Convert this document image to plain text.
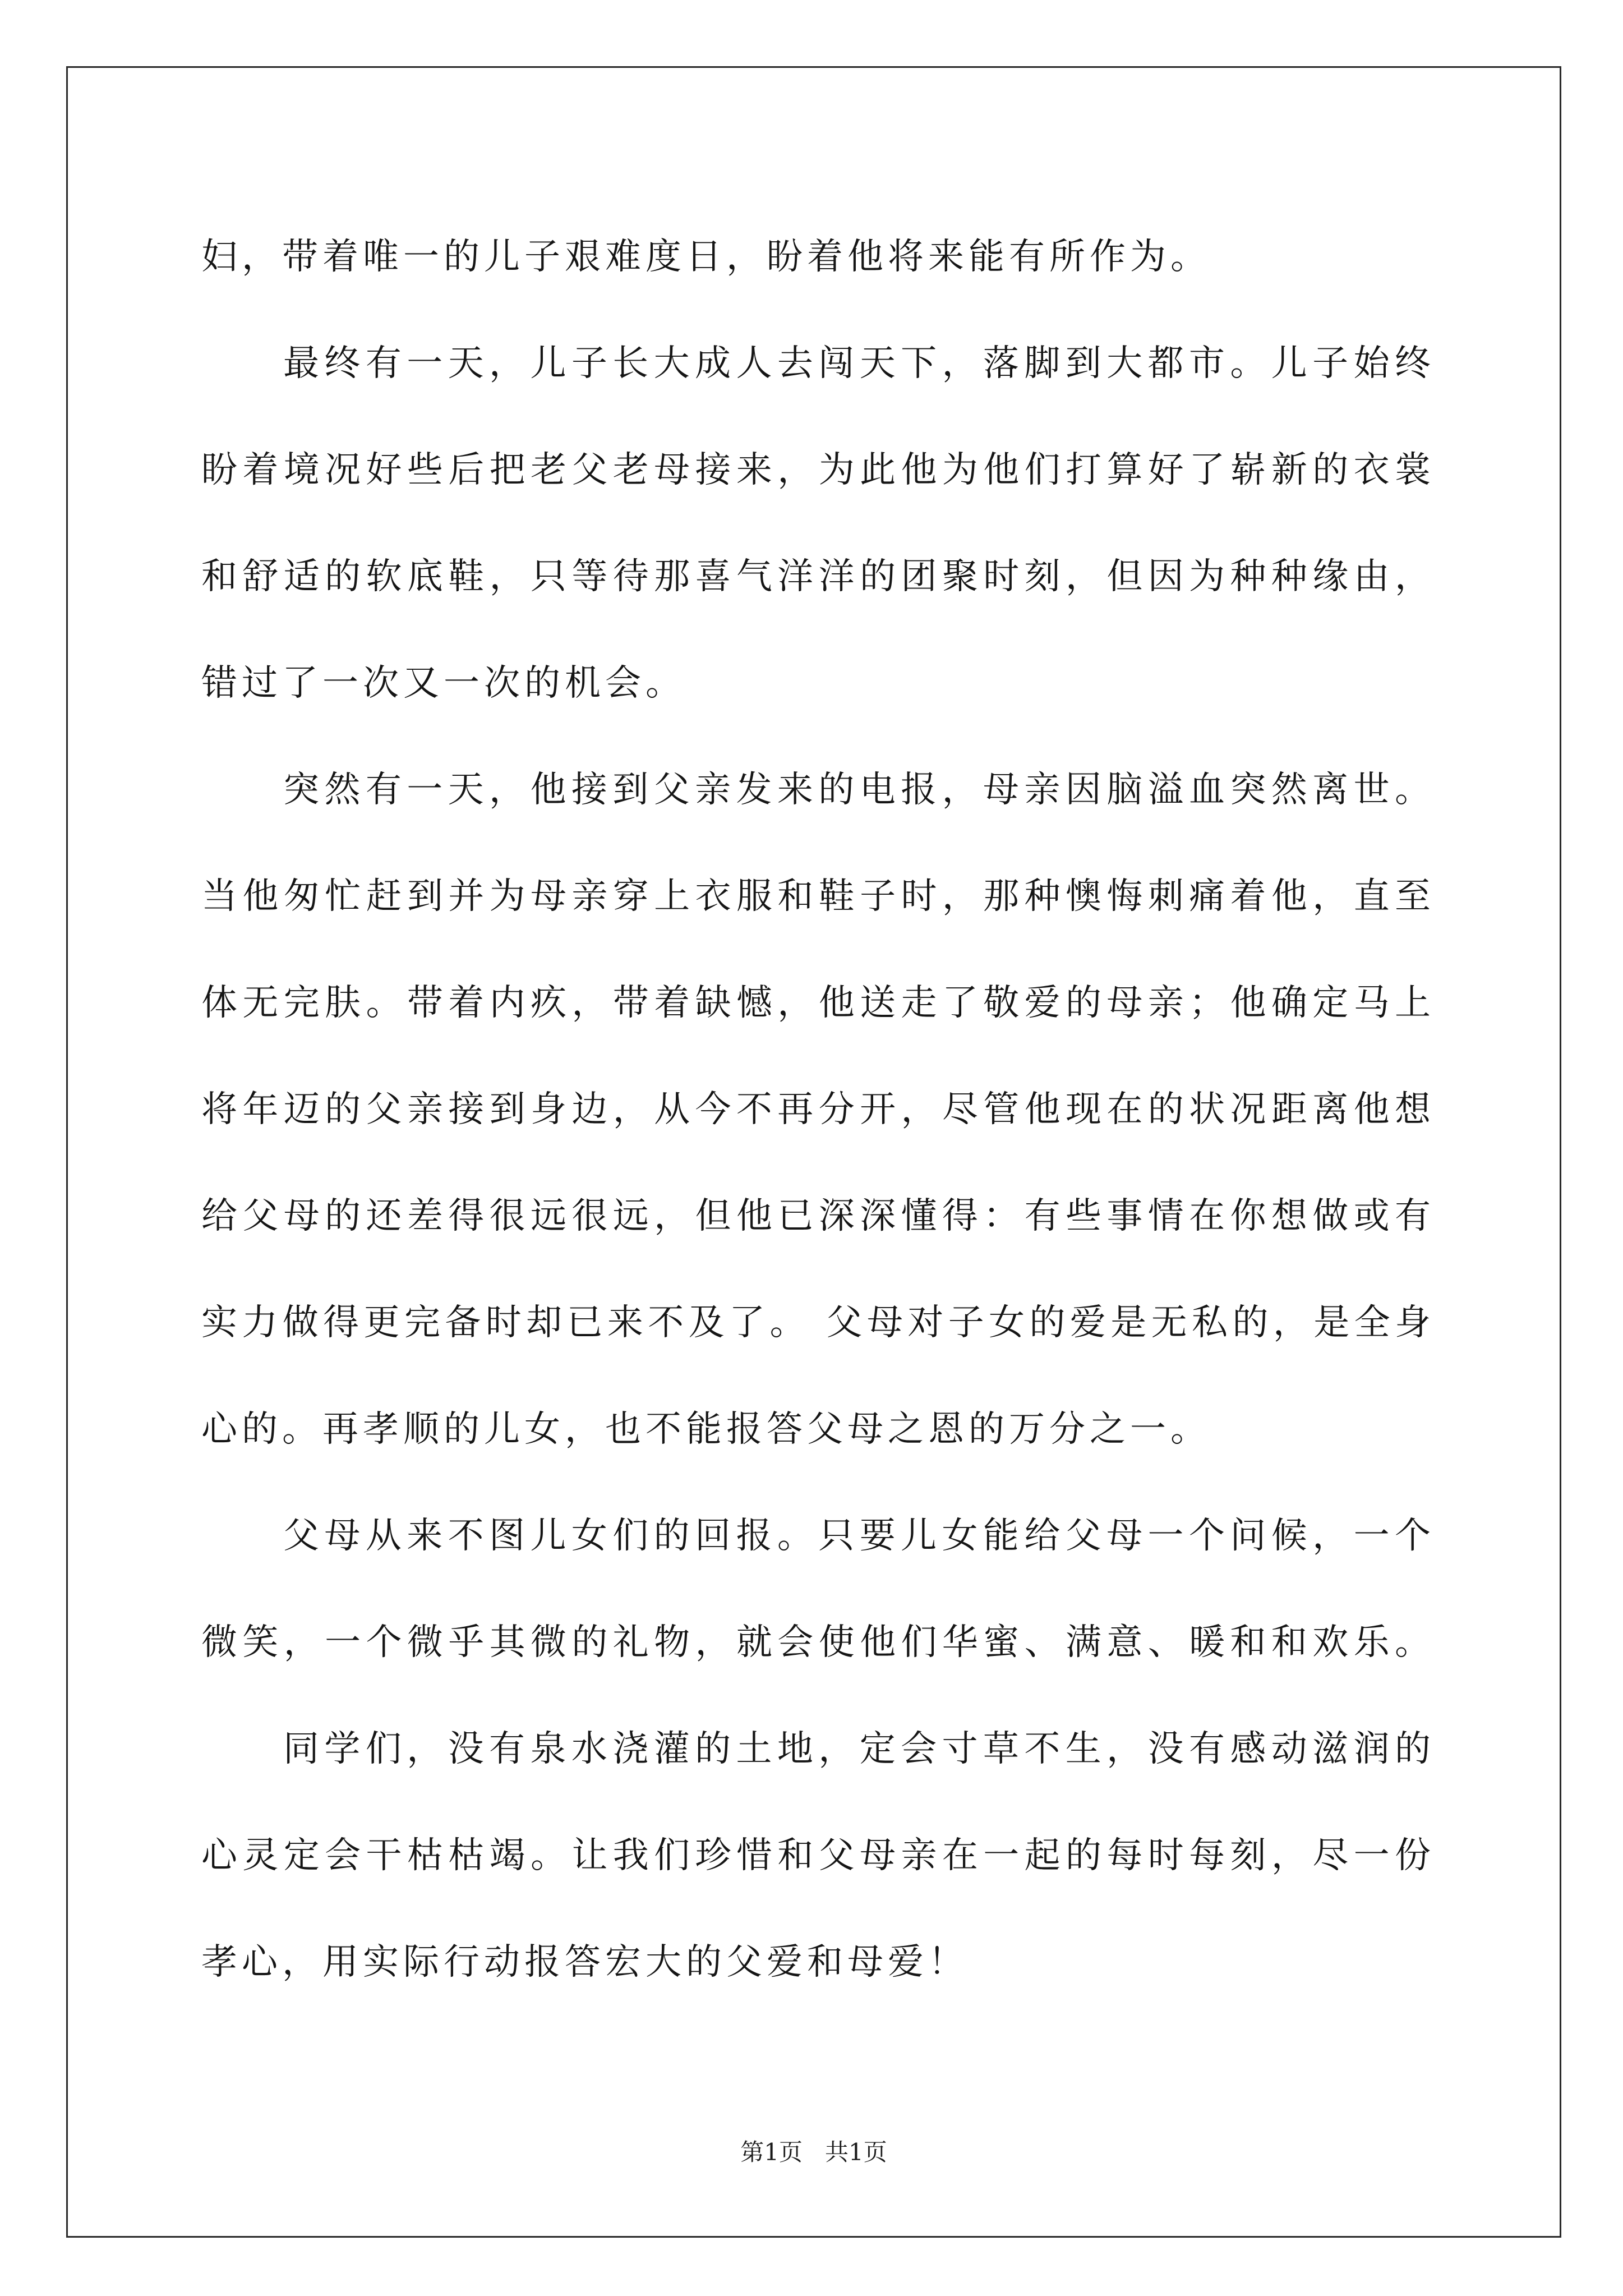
妇，带着唯一的儿子艰难度日，盼着他将来能有所作为。
最终有一天，儿子长大成人去闯天下，落脚到大都市。儿子始终
盼着境况好些后把老父老母接来，为此他为他们打算好了崭新的衣裳
和舒适的软底鞋，只等待那喜气洋洋的团聚时刻，但因为种种缘由，
错过了一次又一次的机会。
突然有一天，他接到父亲发来的电报，母亲因脑溢血突然离世。
当他匆忙赶到并为母亲穿上衣服和鞋子时，那种懊悔刺痛着他，直至
体无完肤。带着内疚，带着缺憾，他送走了敬爱的母亲；他确定马上
将年迈的父亲接到身边，从今不再分开，尽管他现在的状况距离他想
给父母的还差得很远很远，但他已深深懂得：有些事情在你想做或有
实力做得更完备时却已来不及了。 父母对子女的爱是无私的，是全身
心的。再孝顺的儿女，也不能报答父母之恩的万分之一。
父母从来不图儿女们的回报。只要儿女能给父母一个问候，一个
微笑，一个微乎其微的礼物，就会使他们华蜜、满意、暖和和欢乐。
同学们，没有泉水浇灌的土地，定会寸草不生，没有感动滋润的
心灵定会干枯枯竭。让我们珍惜和父母亲在一起的每时每刻，尽一份
孝心，用实际行动报答宏大的父爱和母爱！
第1页   共1页
